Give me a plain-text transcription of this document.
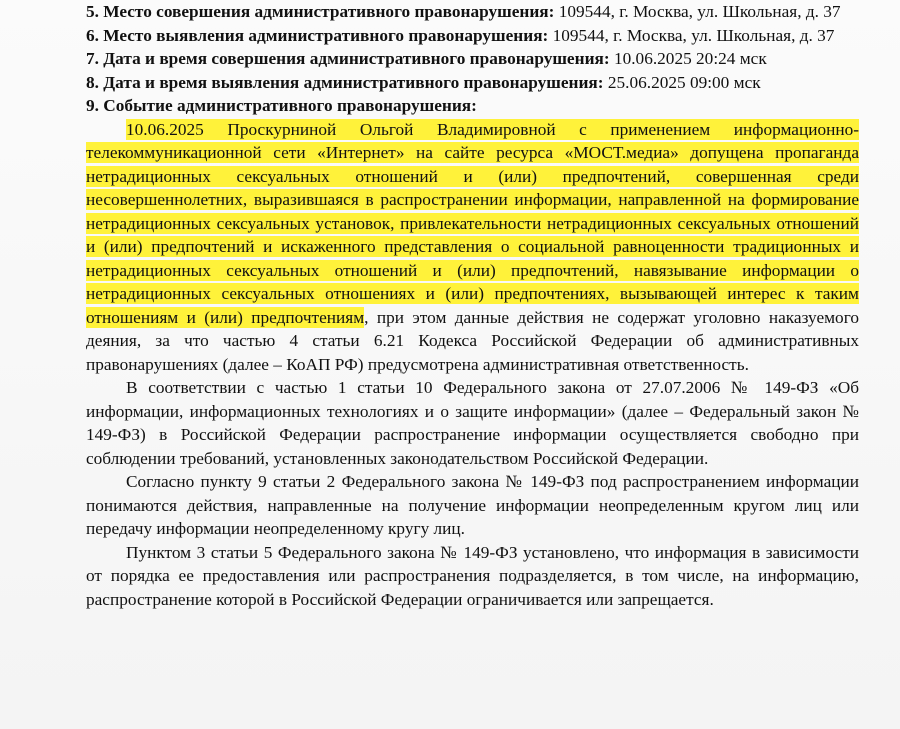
5. Место совершения административного правонарушения: 109544, г. Москва, ул. Школьная, д. 37

6. Место выявления административного правонарушения: 109544, г. Москва, ул. Школьная, д. 37

7. Дата и время совершения административного правонарушения: 10.06.2025 20:24 мск

8. Дата и время выявления административного правонарушения: 25.06.2025 09:00 мск

9. Событие административного правонарушения:

10.06.2025 Проскурниной Ольгой Владимировной с применением информационно-телекоммуникационной сети «Интернет» на сайте ресурса «МОСТ.медиа» допущена пропаганда нетрадиционных сексуальных отношений и (или) предпочтений, совершенная среди несовершеннолетних, выразившаяся в распространении информации, направленной на формирование нетрадиционных сексуальных установок, привлекательности нетрадиционных сексуальных отношений и (или) предпочтений и искаженного представления о социальной равноценности традиционных и нетрадиционных сексуальных отношений и (или) предпочтений, навязывание информации о нетрадиционных сексуальных отношениях и (или) предпочтениях, вызывающей интерес к таким отношениям и (или) предпочтениям, при этом данные действия не содержат уголовно наказуемого деяния, за что частью 4 статьи 6.21 Кодекса Российской Федерации об административных правонарушениях (далее – КоАП РФ) предусмотрена административная ответственность.

В соответствии с частью 1 статьи 10 Федерального закона от 27.07.2006 № 149-ФЗ «Об информации, информационных технологиях и о защите информации» (далее – Федеральный закон № 149-ФЗ) в Российской Федерации распространение информации осуществляется свободно при соблюдении требований, установленных законодательством Российской Федерации.

Согласно пункту 9 статьи 2 Федерального закона № 149-ФЗ под распространением информации понимаются действия, направленные на получение информации неопределенным кругом лиц или передачу информации неопределенному кругу лиц.

Пунктом 3 статьи 5 Федерального закона № 149-ФЗ установлено, что информация в зависимости от порядка ее предоставления или распространения подразделяется, в том числе, на информацию, распространение которой в Российской Федерации ограничивается или запрещается.
